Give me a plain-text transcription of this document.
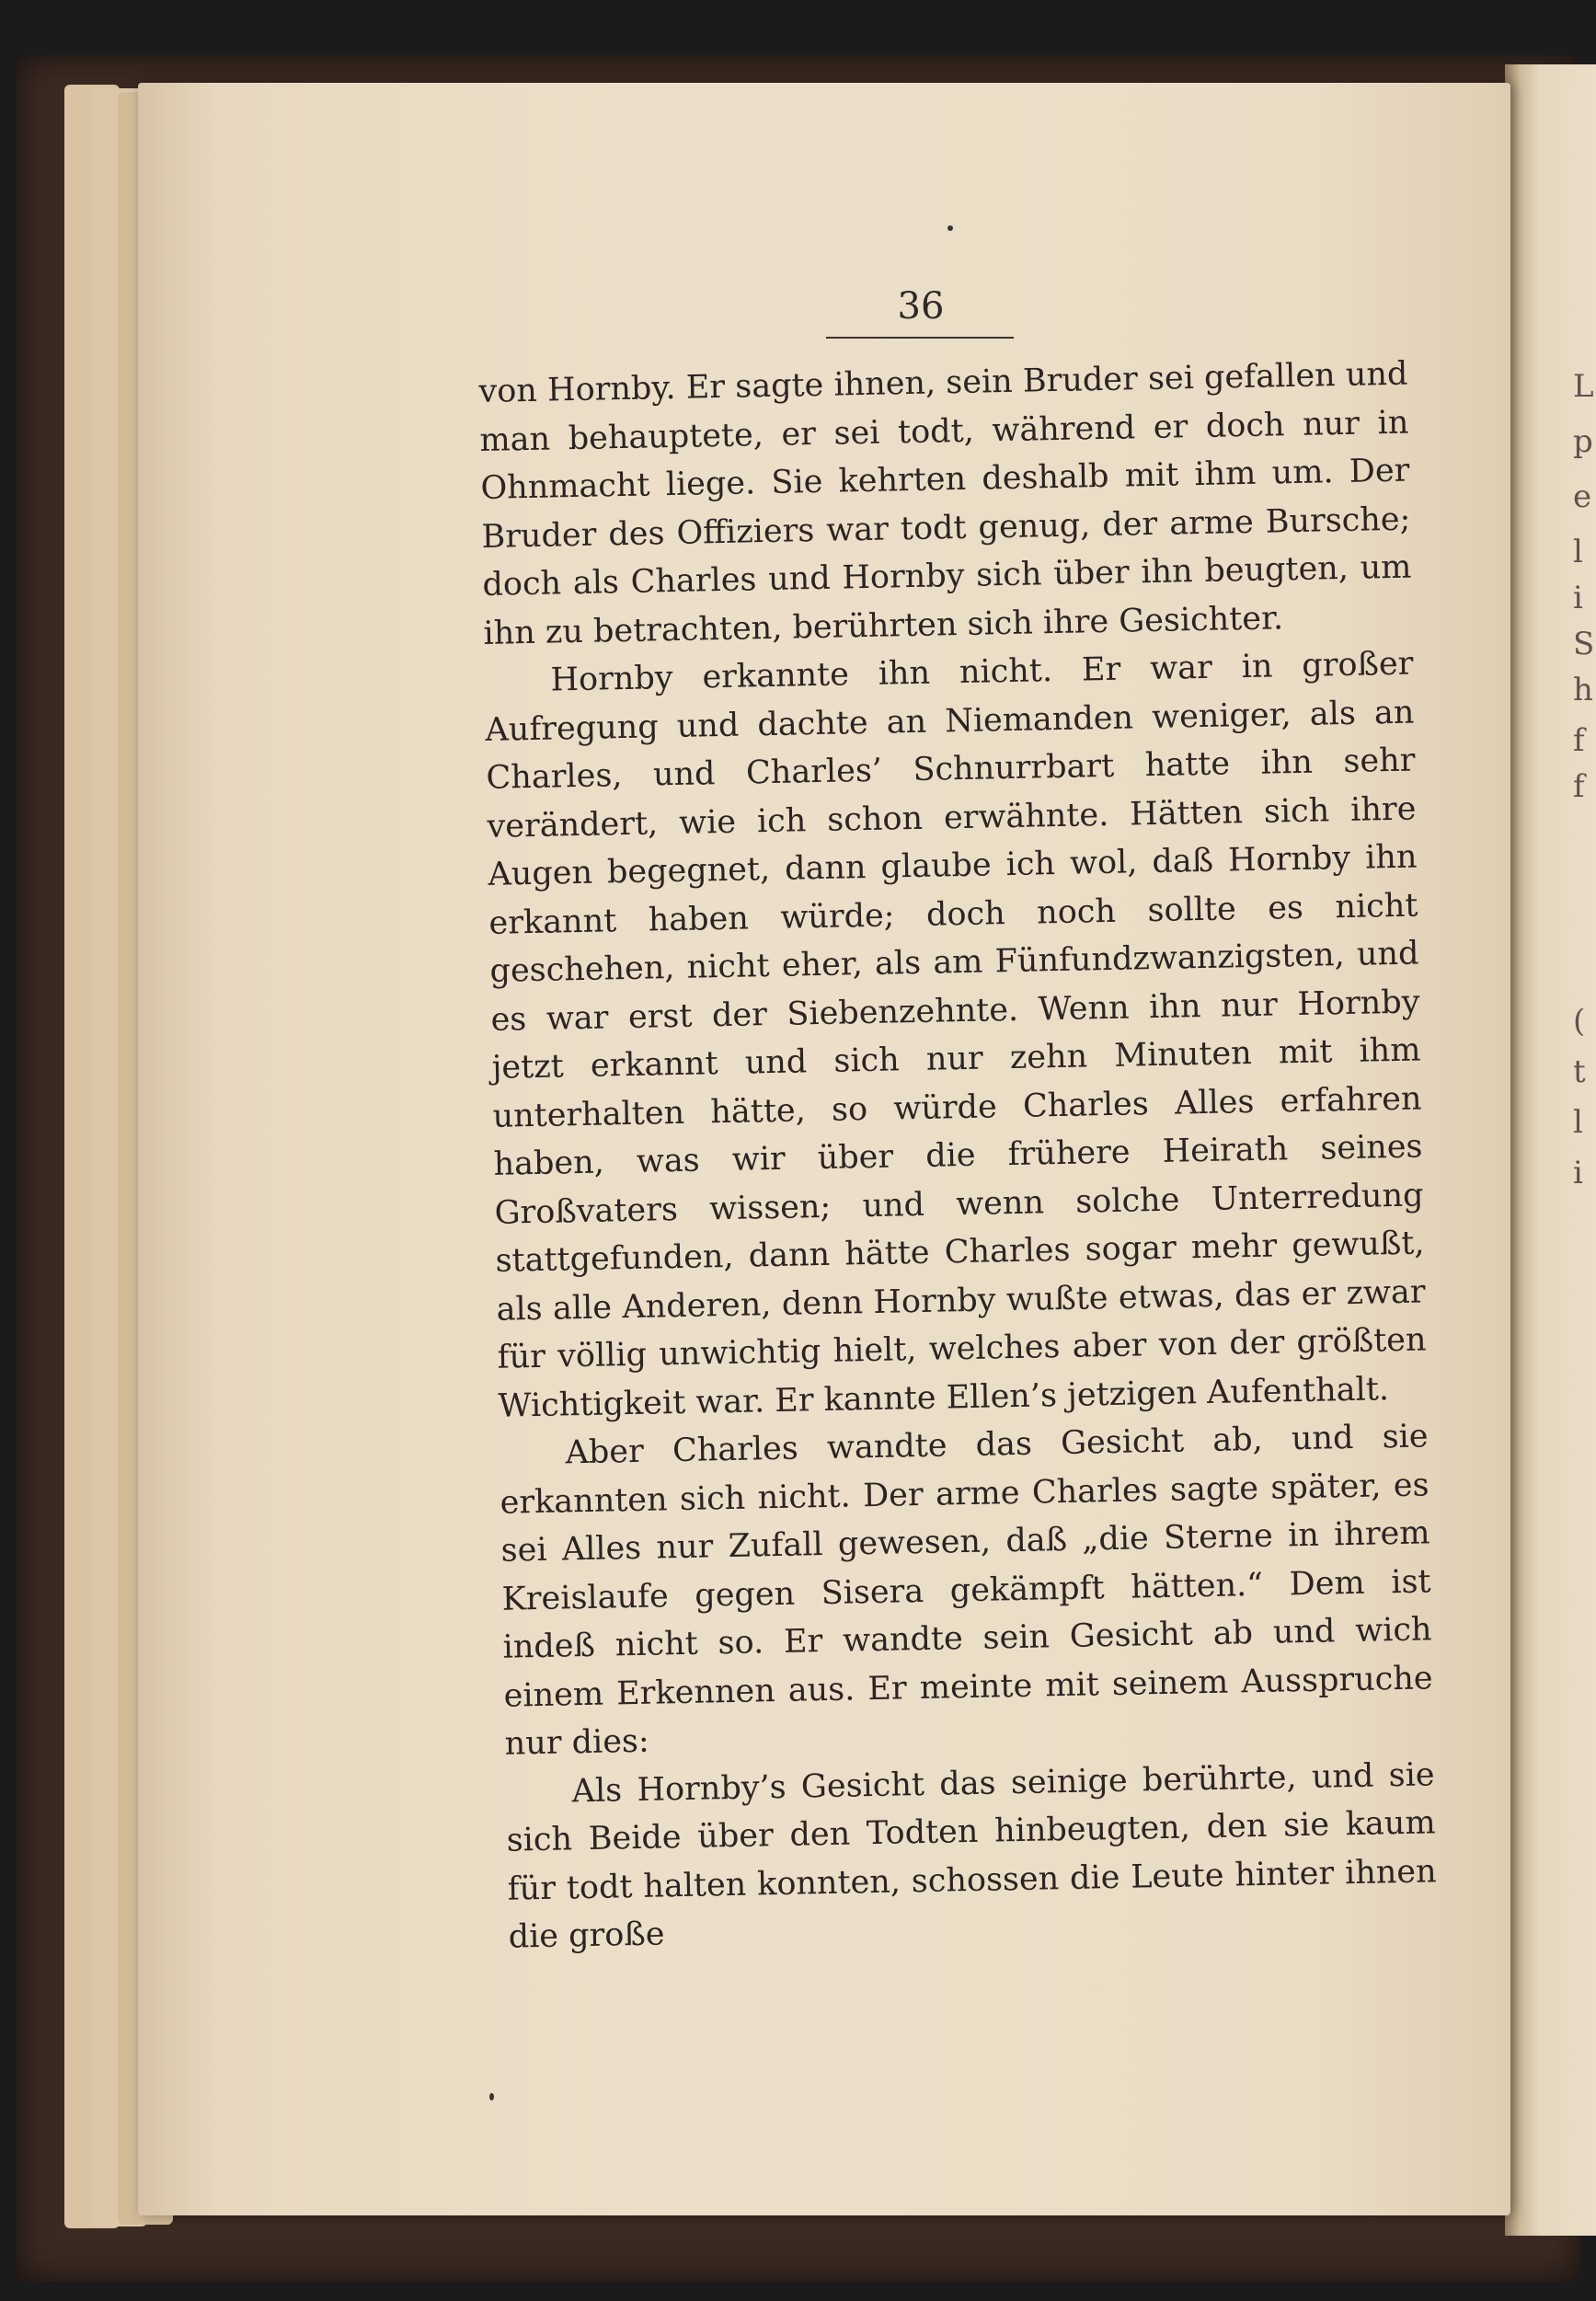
L
p
e
l
i
S
h
f
f
(
t
l
i
36

von Hornby. Er sagte ihnen, sein Bruder sei gefallen und man behauptete, er sei todt, während er doch nur in Ohnmacht liege. Sie kehrten deshalb mit ihm um. Der Bruder des Offiziers war todt genug, der arme Bursche; doch als Charles und Hornby sich über ihn beugten, um ihn zu betrachten, berührten sich ihre Gesichter.

Hornby erkannte ihn nicht. Er war in großer Aufregung und dachte an Niemanden weniger, als an Charles, und Charles’ Schnurrbart hatte ihn sehr verändert, wie ich schon erwähnte. Hätten sich ihre Augen begegnet, dann glaube ich wol, daß Hornby ihn erkannt haben würde; doch noch sollte es nicht geschehen, nicht eher, als am Fünfundzwanzigsten, und es war erst der Siebenzehnte. Wenn ihn nur Hornby jetzt erkannt und sich nur zehn Minuten mit ihm unterhalten hätte, so würde Charles Alles erfahren haben, was wir über die frühere Heirath seines Großvaters wissen; und wenn solche Unterredung stattgefunden, dann hätte Charles sogar mehr gewußt, als alle Anderen, denn Hornby wußte etwas, das er zwar für völlig unwichtig hielt, welches aber von der größten Wichtigkeit war. Er kannte Ellen’s jetzigen Aufenthalt.

Aber Charles wandte das Gesicht ab, und sie erkannten sich nicht. Der arme Charles sagte später, es sei Alles nur Zufall gewesen, daß „die Sterne in ihrem Kreislaufe gegen Sisera gekämpft hätten.“ Dem ist indeß nicht so. Er wandte sein Gesicht ab und wich einem Erkennen aus. Er meinte mit seinem Ausspruche nur dies:

Als Hornby’s Gesicht das seinige berührte, und sie sich Beide über den Todten hinbeugten, den sie kaum für todt halten konnten, schossen die Leute hinter ihnen die große
